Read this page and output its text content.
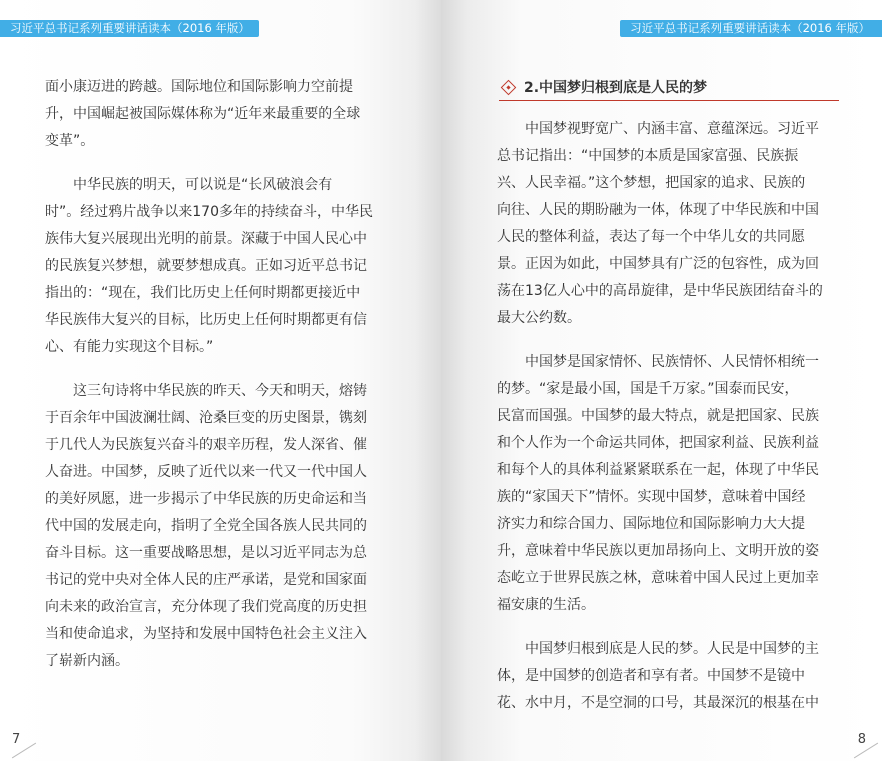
习近平总书记系列重要讲话读本（2016 年版）

面小康迈进的跨越。国际地位和国际影响力空前提
升，中国崛起被国际媒体称为“近年来最重要的全球
变革”。

　　中华民族的明天，可以说是“长风破浪会有
时”。经过鸦片战争以来170多年的持续奋斗，中华民
族伟大复兴展现出光明的前景。深藏于中国人民心中
的民族复兴梦想，就要梦想成真。正如习近平总书记
指出的：“现在，我们比历史上任何时期都更接近中
华民族伟大复兴的目标，比历史上任何时期都更有信
心、有能力实现这个目标。”

　　这三句诗将中华民族的昨天、今天和明天，熔铸
于百余年中国波澜壮阔、沧桑巨变的历史图景，镌刻
于几代人为民族复兴奋斗的艰辛历程，发人深省、催
人奋进。中国梦，反映了近代以来一代又一代中国人
的美好夙愿，进一步揭示了中华民族的历史命运和当
代中国的发展走向，指明了全党全国各族人民共同的
奋斗目标。这一重要战略思想，是以习近平同志为总
书记的党中央对全体人民的庄严承诺，是党和国家面
向未来的政治宣言，充分体现了我们党高度的历史担
当和使命追求，为坚持和发展中国特色社会主义注入
了崭新内涵。

7
习近平总书记系列重要讲话读本（2016 年版）
2.中国梦归根到底是人民的梦

　　中国梦视野宽广、内涵丰富、意蕴深远。习近平
总书记指出：“中国梦的本质是国家富强、民族振
兴、人民幸福。”这个梦想，把国家的追求、民族的
向往、人民的期盼融为一体，体现了中华民族和中国
人民的整体利益，表达了每一个中华儿女的共同愿
景。正因为如此，中国梦具有广泛的包容性，成为回
荡在13亿人心中的高昂旋律，是中华民族团结奋斗的
最大公约数。

　　中国梦是国家情怀、民族情怀、人民情怀相统一
的梦。“家是最小国，国是千万家。”国泰而民安，
民富而国强。中国梦的最大特点，就是把国家、民族
和个人作为一个命运共同体，把国家利益、民族利益
和每个人的具体利益紧紧联系在一起，体现了中华民
族的“家国天下”情怀。实现中国梦，意味着中国经
济实力和综合国力、国际地位和国际影响力大大提
升，意味着中华民族以更加昂扬向上、文明开放的姿
态屹立于世界民族之林，意味着中国人民过上更加幸
福安康的生活。

　　中国梦归根到底是人民的梦。人民是中国梦的主
体，是中国梦的创造者和享有者。中国梦不是镜中
花、水中月，不是空洞的口号，其最深沉的根基在中

8
